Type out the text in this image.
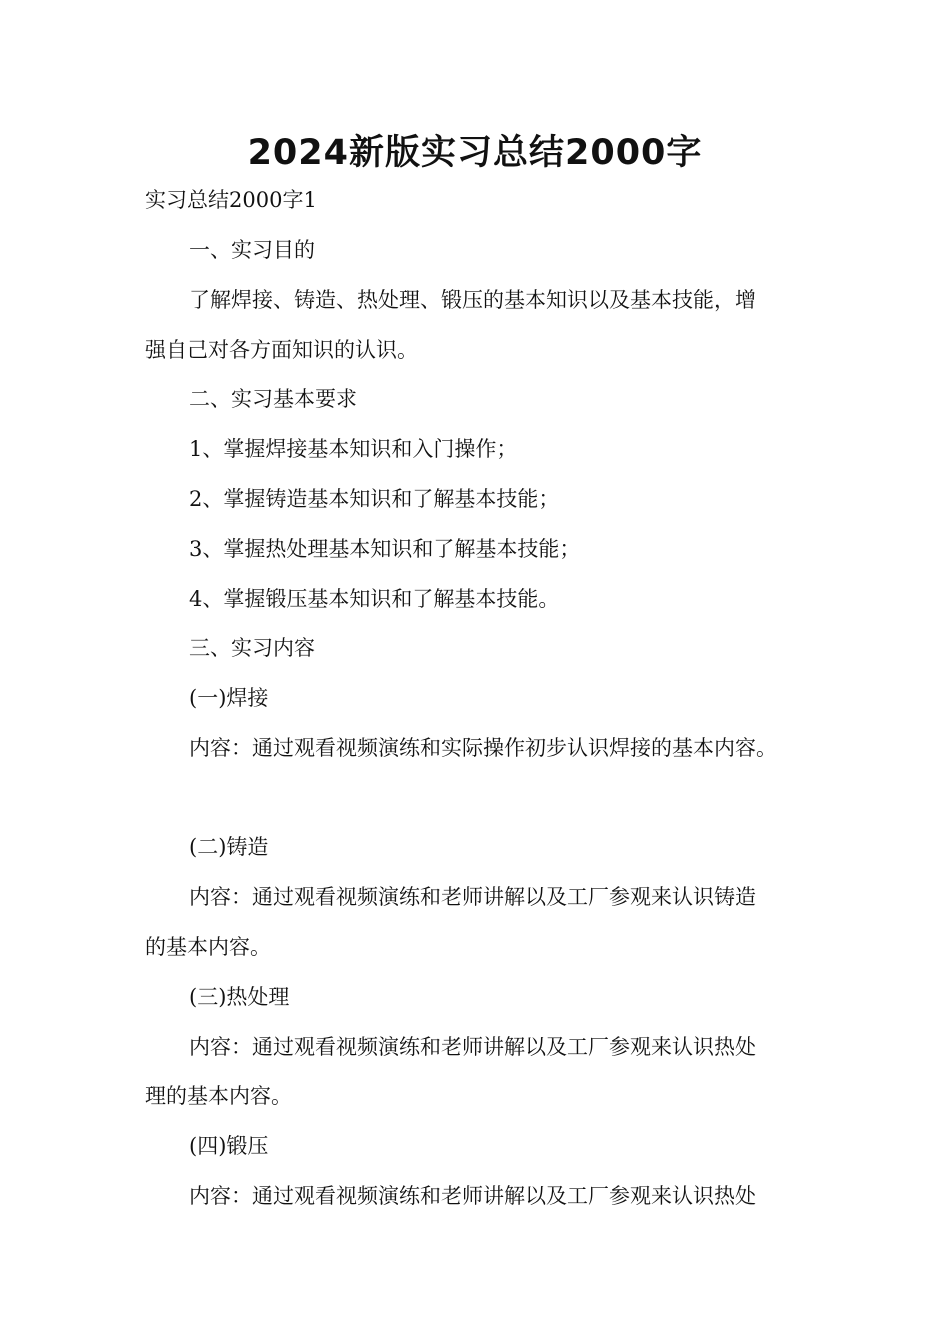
2024新版实习总结2000字

实习总结2000字1

一、实习目的

了解焊接、铸造、热处理、锻压的基本知识以及基本技能，增

强自己对各方面知识的认识。

二、实习基本要求

1、掌握焊接基本知识和入门操作；

2、掌握铸造基本知识和了解基本技能；

3、掌握热处理基本知识和了解基本技能；

4、掌握锻压基本知识和了解基本技能。

三、实习内容

(一)焊接

内容：通过观看视频演练和实际操作初步认识焊接的基本内容。

(二)铸造

内容：通过观看视频演练和老师讲解以及工厂参观来认识铸造

的基本内容。

(三)热处理

内容：通过观看视频演练和老师讲解以及工厂参观来认识热处

理的基本内容。

(四)锻压

内容：通过观看视频演练和老师讲解以及工厂参观来认识热处
